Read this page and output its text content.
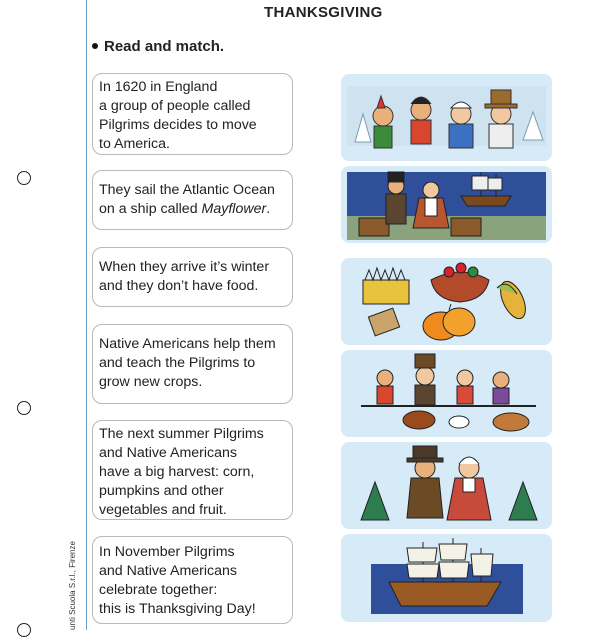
unti Scuola S.r.l., Firenze
THANKSGIVING
Read and match.
In 1620 in England
a group of people called
Pilgrims decides to move
to America.
They sail the Atlantic Ocean
on a ship called Mayflower.
When they arrive it’s winter
and they don’t have food.
Native Americans help them
and teach the Pilgrims to
grow new crops.
The next summer Pilgrims
and Native Americans
have a big harvest: corn,
pumpkins and other
vegetables and fruit.
In November Pilgrims
and Native Americans
celebrate together:
this is Thanksgiving Day!
